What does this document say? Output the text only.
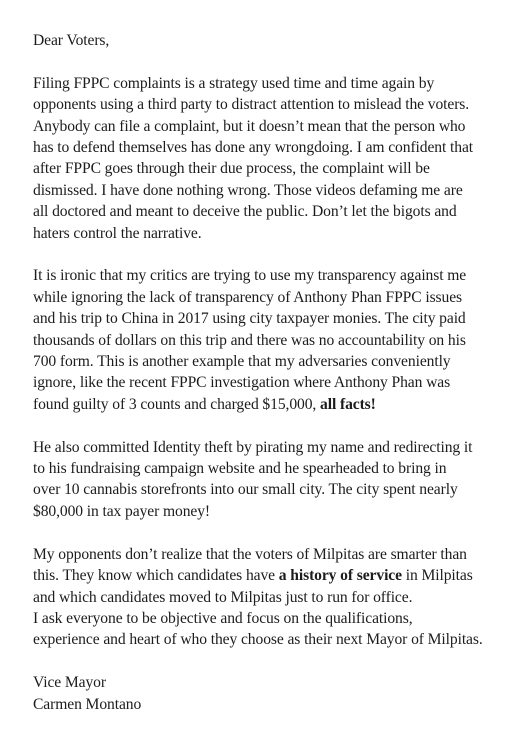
Dear Voters,
Filing FPPC complaints is a strategy used time and time again by
opponents using a third party to distract attention to mislead the voters.
Anybody can file a complaint, but it doesn’t mean that the person who
has to defend themselves has done any wrongdoing. I am confident that
after FPPC goes through their due process, the complaint will be
dismissed. I have done nothing wrong. Those videos defaming me are
all doctored and meant to deceive the public. Don’t let the bigots and
haters control the narrative.
It is ironic that my critics are trying to use my transparency against me
while ignoring the lack of transparency of Anthony Phan FPPC issues
and his trip to China in 2017 using city taxpayer monies. The city paid
thousands of dollars on this trip and there was no accountability on his
700 form. This is another example that my adversaries conveniently
ignore, like the recent FPPC investigation where Anthony Phan was
found guilty of 3 counts and charged $15,000, all facts!
He also committed Identity theft by pirating my name and redirecting it
to his fundraising campaign website and he spearheaded to bring in
over 10 cannabis storefronts into our small city. The city spent nearly
$80,000 in tax payer money!
My opponents don’t realize that the voters of Milpitas are smarter than
this. They know which candidates have a history of service in Milpitas
and which candidates moved to Milpitas just to run for office.
I ask everyone to be objective and focus on the qualifications,
experience and heart of who they choose as their next Mayor of Milpitas.
Vice Mayor
Carmen Montano
